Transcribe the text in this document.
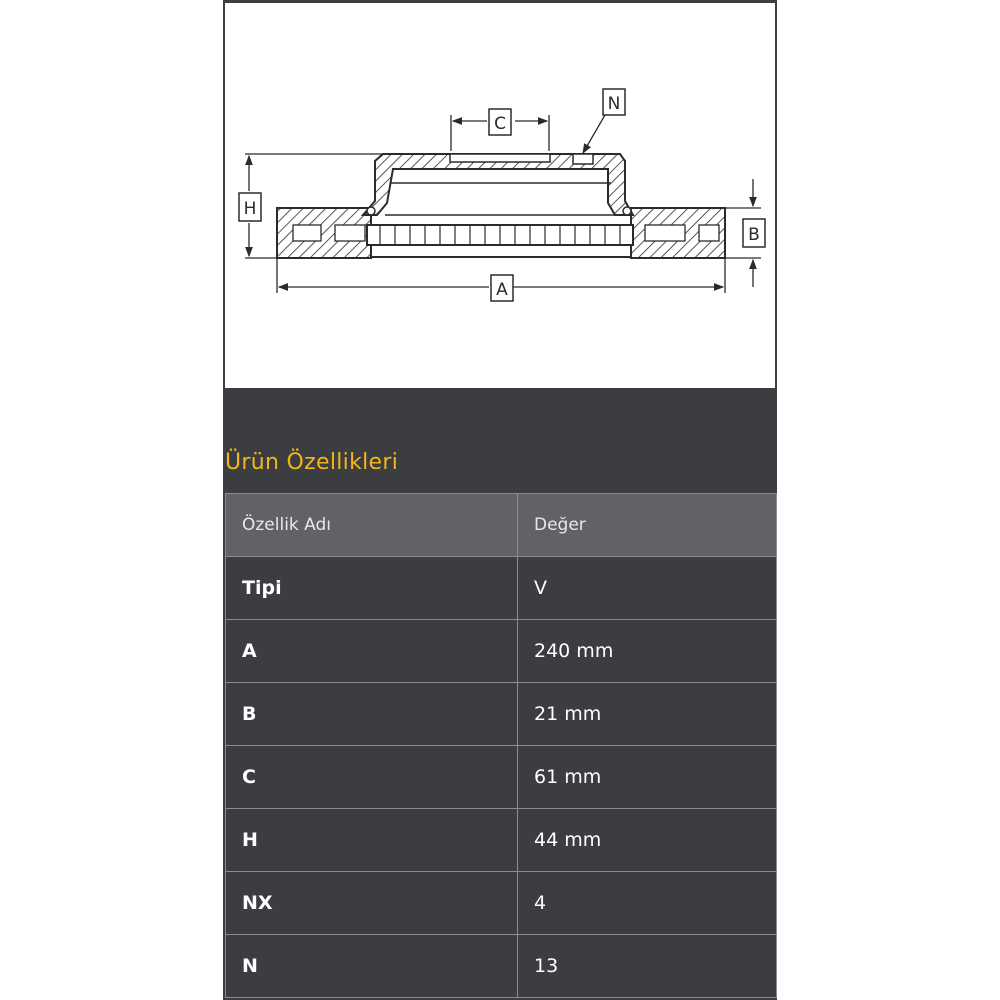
C
N
H
B
A
Ürün Özellikleri
Özellik Adı	Değer
Tipi	V
A	240 mm
B	21 mm
C	61 mm
H	44 mm
NX	4
N	13
